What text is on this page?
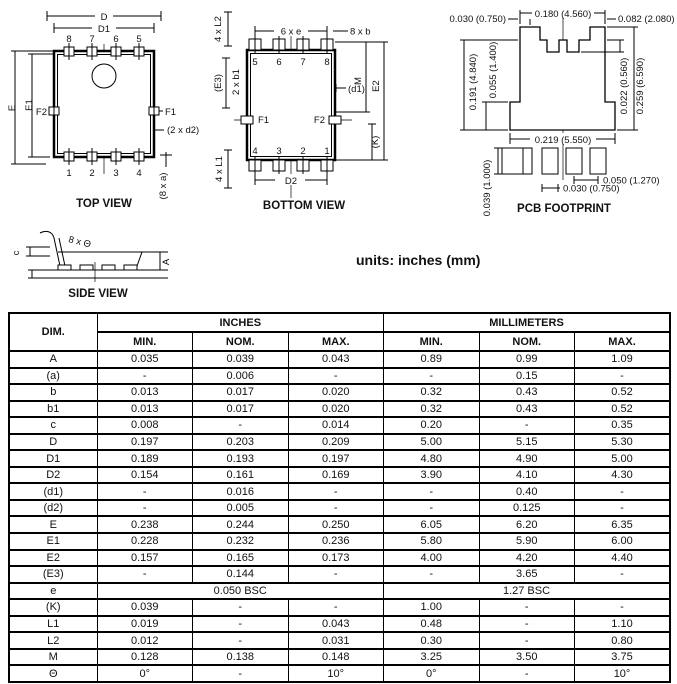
D
D1
8 7 6 5
E E1
F2	F1
(2 x d2)
1 2 3 4 (8 x a)
TOP VIEW
4 x L2	6 x e	8 x b
5 6 7 8
(E3) 2 x b1
F1	F2
(d1)
M E2
(K)
4 3 2 1
D2
4 x L1
BOTTOM VIEW
0.180 (4.560)
0.030 (0.750)	0.082 (2.080)
0.191 (4.840) 0.055 (1.400)	0.022 (0.560) 0.259 (6.590)
0.219 (5.550)
0.050 (1.270)
0.030 (0.750)
0.039 (1.000) PCB FOOTPRINT
8 x Θ
c
A
SIDE VIEW
units: inches (mm)
DIM.	INCHES			MILLIMETERS		
	MIN.	NOM.	MAX.	MIN.	NOM.	MAX.
A	0.035	0.039	0.043	0.89	0.99	1.09
(a)	-	0.006	-	-	0.15	-
b	0.013	0.017	0.020	0.32	0.43	0.52
b1	0.013	0.017	0.020	0.32	0.43	0.52
c	0.008	-	0.014	0.20	-	0.35
D	0.197	0.203	0.209	5.00	5.15	5.30
D1	0.189	0.193	0.197	4.80	4.90	5.00
D2	0.154	0.161	0.169	3.90	4.10	4.30
(d1)	-	0.016	-	-	0.40	-
(d2)	-	0.005	-	-	0.125	-
E	0.238	0.244	0.250	6.05	6.20	6.35
E1	0.228	0.232	0.236	5.80	5.90	6.00
E2	0.157	0.165	0.173	4.00	4.20	4.40
(E3)	-	0.144	-	-	3.65	-
e	0.050 BSC			1.27 BSC		
(K)	0.039	-	-	1.00	-	-
L1	0.019	-	0.043	0.48	-	1.10
L2	0.012	-	0.031	0.30	-	0.80
M	0.128	0.138	0.148	3.25	3.50	3.75
Θ	0°	-	10°	0°	-	10°
